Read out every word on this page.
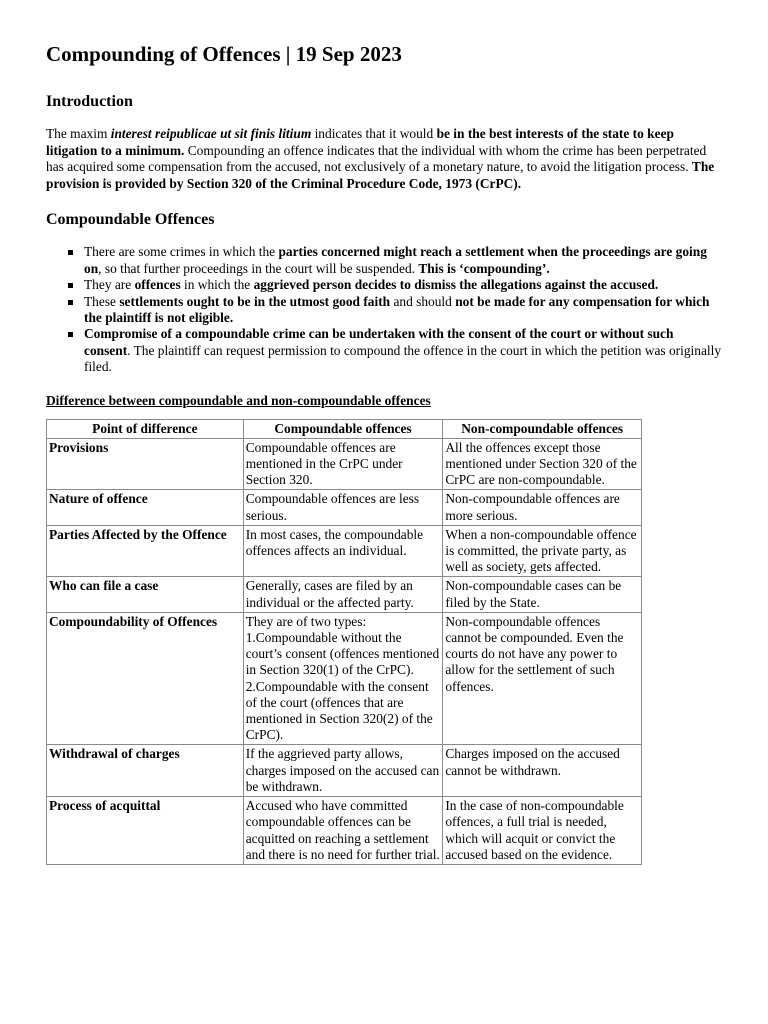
Compounding of Offences | 19 Sep 2023
Introduction

The maxim interest reipublicae ut sit finis litium indicates that it would be in the best interests of the state to keep litigation to a minimum. Compounding an offence indicates that the individual with whom the crime has been perpetrated has acquired some compensation from the accused, not exclusively of a monetary nature, to avoid the litigation process. The provision is provided by Section 320 of the Criminal Procedure Code, 1973 (CrPC).

Compoundable Offences
There are some crimes in which the parties concerned might reach a settlement when the proceedings are going on, so that further proceedings in the court will be suspended. This is ‘compounding’.
They are offences in which the aggrieved person decides to dismiss the allegations against the accused.
These settlements ought to be in the utmost good faith and should not be made for any compensation for which the plaintiff is not eligible.
Compromise of a compoundable crime can be undertaken with the consent of the court or without such consent. The plaintiff can request permission to compound the offence in the court in which the petition was originally filed.
Difference between compoundable and non-compoundable offences
Point of difference	Compoundable offences	Non-compoundable offences
Provisions	Compoundable offences are mentioned in the CrPC under Section 320.	All the offences except those mentioned under Section 320 of the CrPC are non-compoundable.
Nature of offence	Compoundable offences are less serious.	Non-compoundable offences are more serious.
Parties Affected by the Offence	In most cases, the compoundable offences affects an individual.	When a non-compoundable offence is committed, the private party, as well as society, gets affected.
Who can file a case	Generally, cases are filed by an individual or the affected party.	Non-compoundable cases can be filed by the State.
Compoundability of Offences	They are of two types: 1.Compoundable without the court’s consent (offences mentioned in Section 320(1) of the CrPC). 2.Compoundable with the consent of the court (offences that are mentioned in Section 320(2) of the CrPC).	Non-compoundable offences cannot be compounded. Even the courts do not have any power to allow for the settlement of such offences.
Withdrawal of charges	If the aggrieved party allows, charges imposed on the accused can be withdrawn.	Charges imposed on the accused cannot be withdrawn.
Process of acquittal	Accused who have committed compoundable offences can be acquitted on reaching a settlement and there is no need for further trial.	In the case of non-compoundable offences, a full trial is needed, which will acquit or convict the accused based on the evidence.
